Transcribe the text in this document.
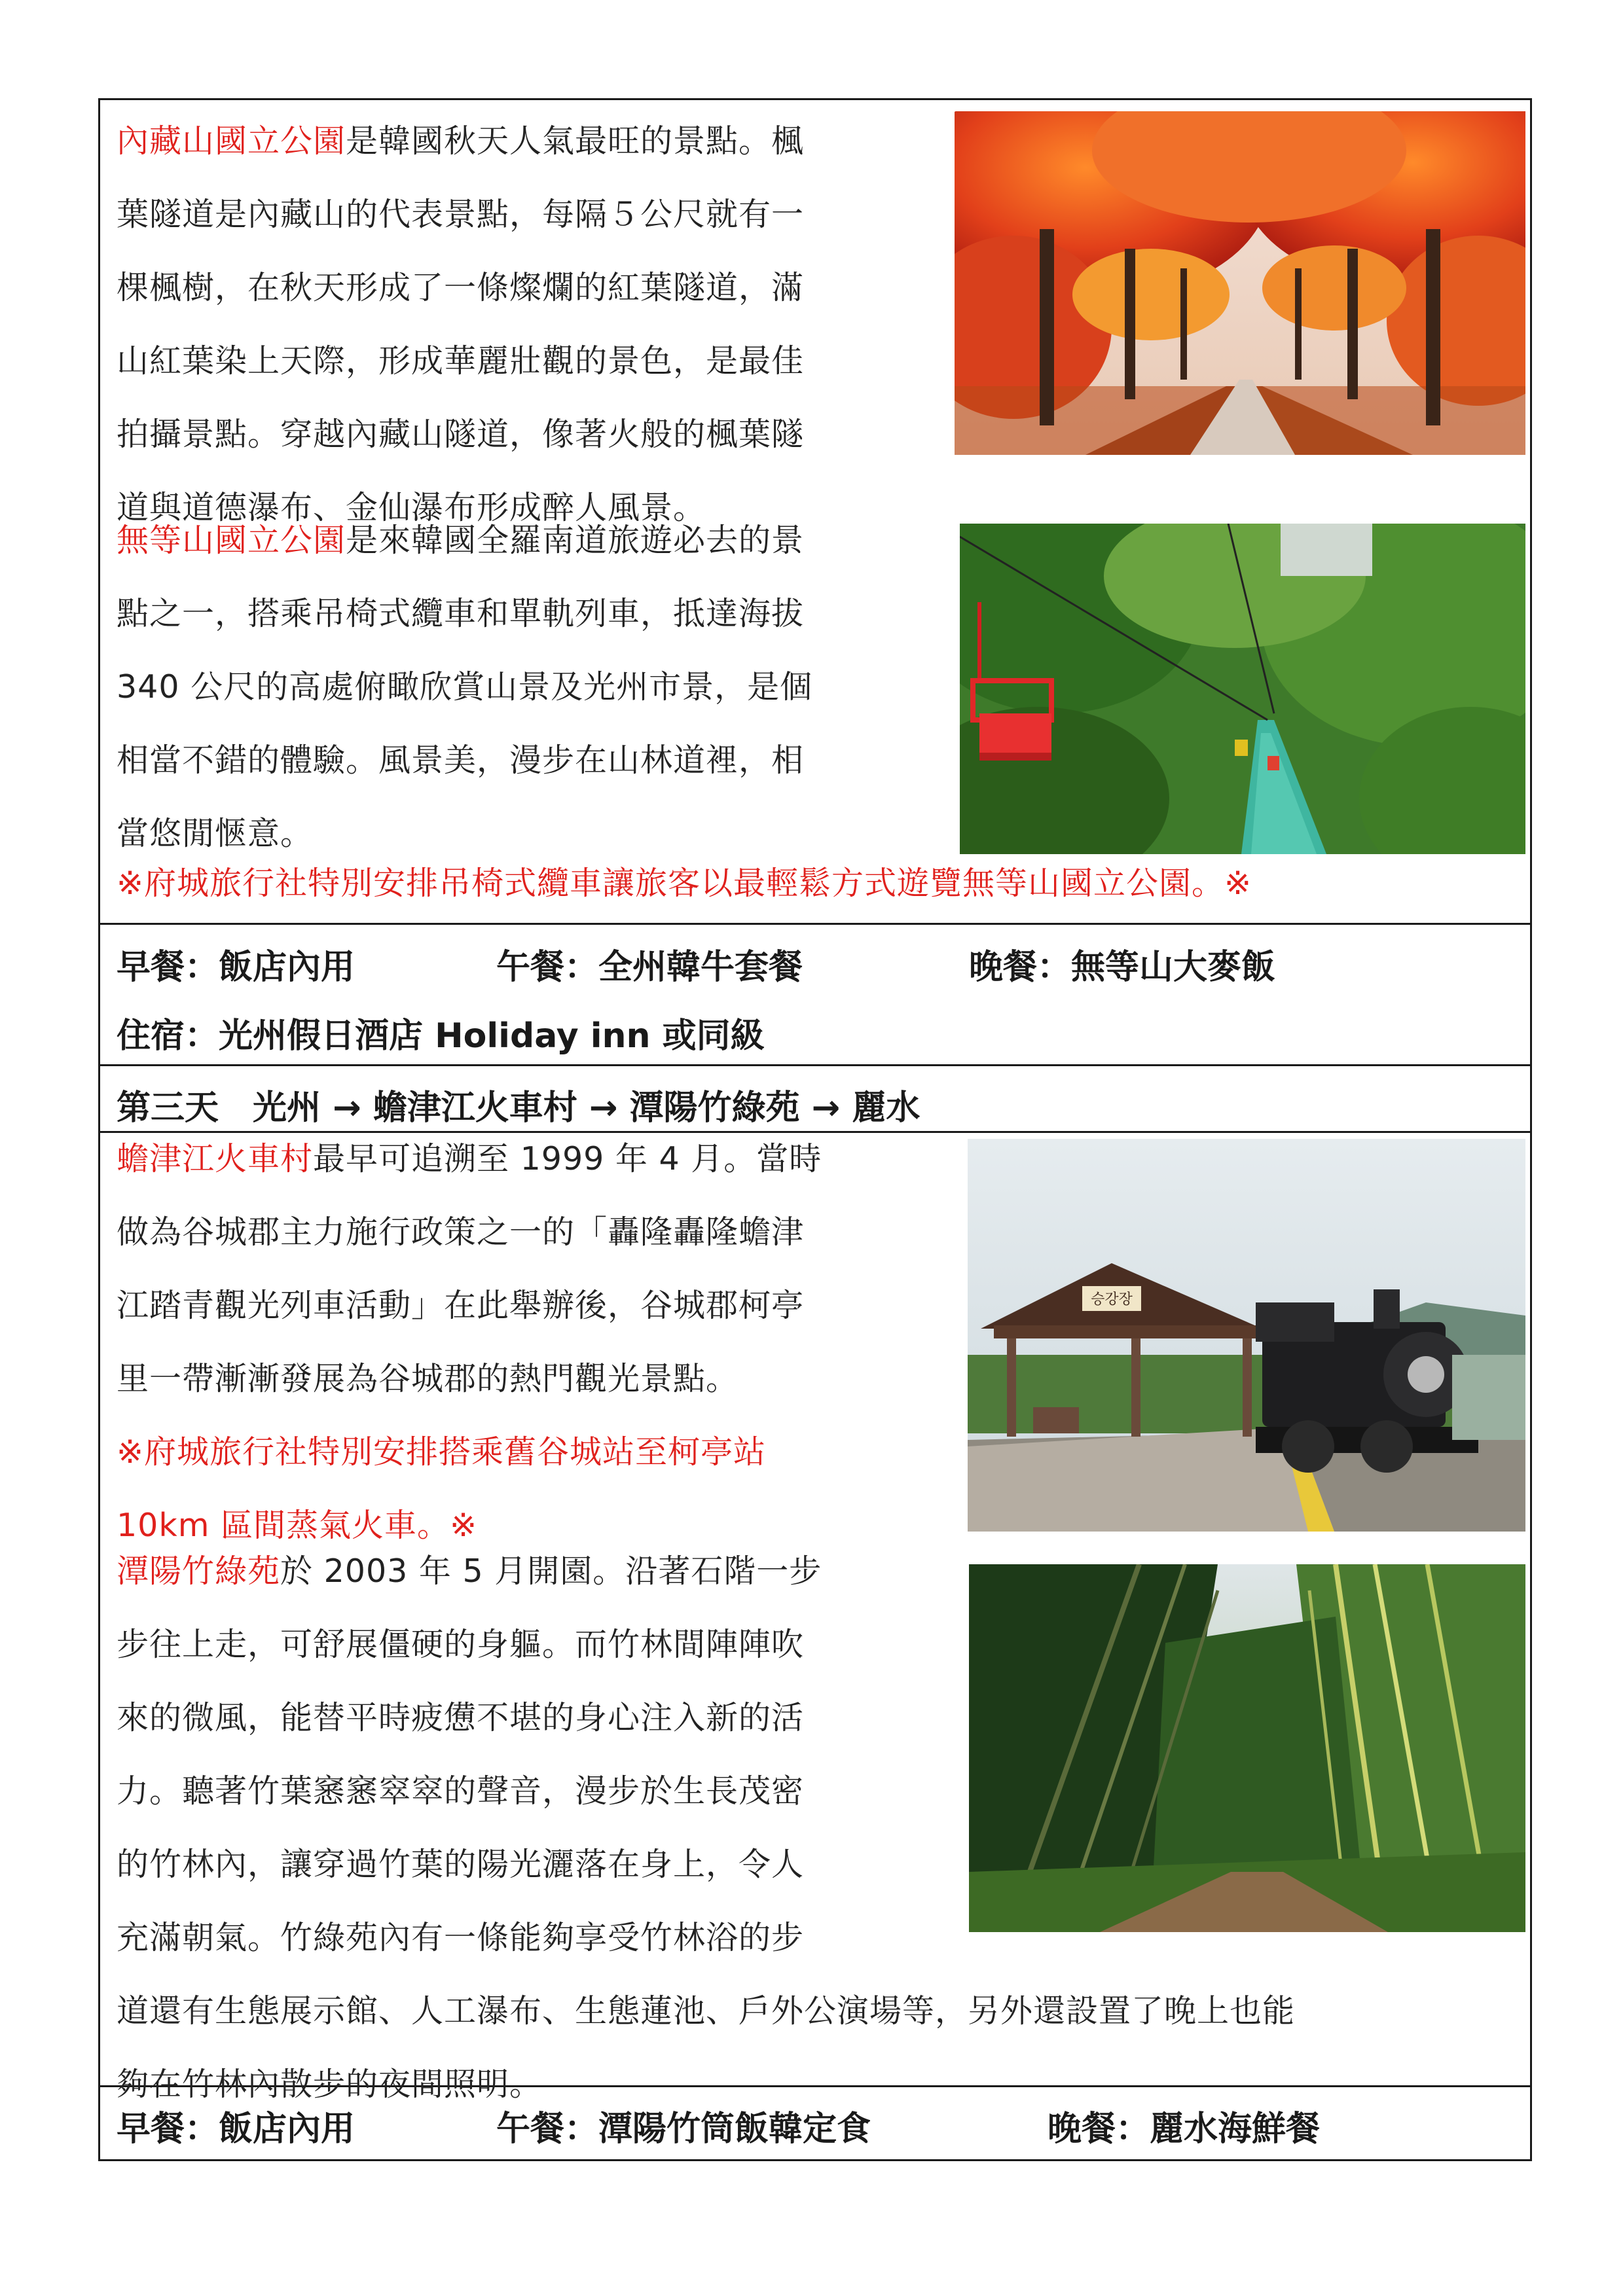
內藏山國立公園是韓國秋天人氣最旺的景點。楓
葉隧道是內藏山的代表景點，每隔５公尺就有一
棵楓樹，在秋天形成了一條燦爛的紅葉隧道，滿
山紅葉染上天際，形成華麗壯觀的景色，是最佳
拍攝景點。穿越內藏山隧道，像著火般的楓葉隧
道與道德瀑布、金仙瀑布形成醉人風景。
無等山國立公園是來韓國全羅南道旅遊必去的景
點之一，搭乘吊椅式纜車和單軌列車，抵達海拔
340 公尺的高處俯瞰欣賞山景及光州市景，是個
相當不錯的體驗。風景美，漫步在山林道裡，相
當悠閒愜意。
※府城旅行社特別安排吊椅式纜車讓旅客以最輕鬆方式遊覽無等山國立公園。※
早餐：飯店內用	午餐：全州韓牛套餐	晚餐：無等山大麥飯
住宿：光州假日酒店 Holiday inn 或同級
第三天　光州 → 蟾津江火車村 → 潭陽竹綠苑 → 麗水
蟾津江火車村最早可追溯至 1999 年 4 月。當時
做為谷城郡主力施行政策之一的「轟隆轟隆蟾津
江踏青觀光列車活動」在此舉辦後，谷城郡柯亭
里一帶漸漸發展為谷城郡的熱門觀光景點。
※府城旅行社特別安排搭乘舊谷城站至柯亭站
10km 區間蒸氣火車。※
승강장
潭陽竹綠苑於 2003 年 5 月開園。沿著石階一步
步往上走，可舒展僵硬的身軀。而竹林間陣陣吹
來的微風，能替平時疲憊不堪的身心注入新的活
力。聽著竹葉窸窸窣窣的聲音，漫步於生長茂密
的竹林內，讓穿過竹葉的陽光灑落在身上，令人
充滿朝氣。竹綠苑內有一條能夠享受竹林浴的步
道還有生態展示館、人工瀑布、生態蓮池、戶外公演場等，另外還設置了晚上也能
夠在竹林內散步的夜間照明。
早餐：飯店內用	午餐：潭陽竹筒飯韓定食	晚餐：麗水海鮮餐
